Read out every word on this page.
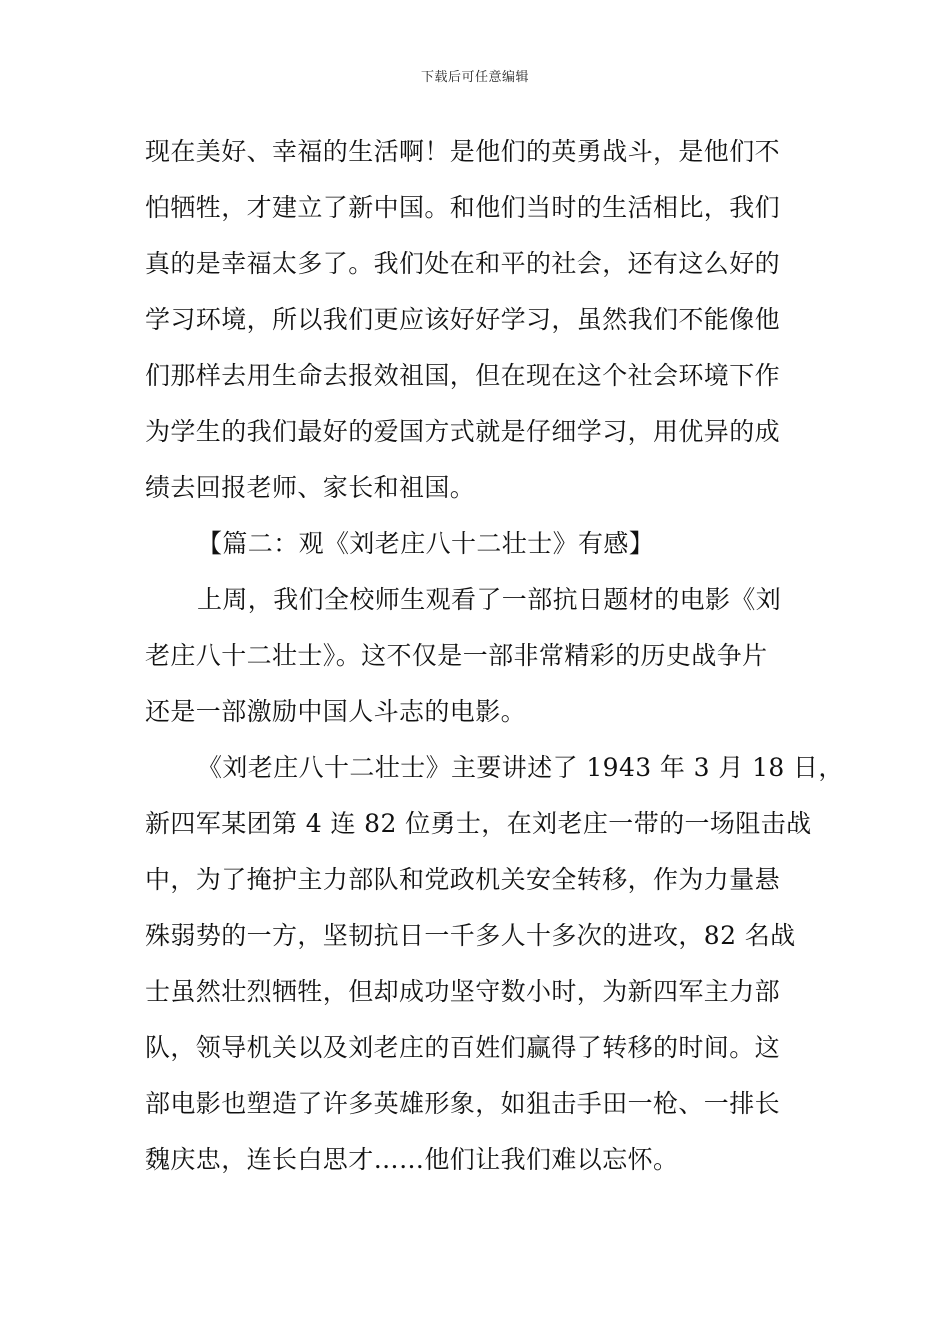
下载后可任意编辑
现在美好、幸福的生活啊！是他们的英勇战斗，是他们不
怕牺牲，才建立了新中国。和他们当时的生活相比，我们
真的是幸福太多了。我们处在和平的社会，还有这么好的
学习环境，所以我们更应该好好学习，虽然我们不能像他
们那样去用生命去报效祖国，但在现在这个社会环境下作
为学生的我们最好的爱国方式就是仔细学习，用优异的成
绩去回报老师、家长和祖国。
【篇二：观《刘老庄八十二壮士》有感】
上周，我们全校师生观看了一部抗日题材的电影《刘
老庄八十二壮士》。这不仅是一部非常精彩的历史战争片
还是一部激励中国人斗志的电影。
《刘老庄八十二壮士》主要讲述了 1943 年 3 月 18 日，
新四军某团第 4 连 82 位勇士，在刘老庄一带的一场阻击战
中，为了掩护主力部队和党政机关安全转移，作为力量悬
殊弱势的一方，坚韧抗日一千多人十多次的进攻，82 名战
士虽然壮烈牺牲，但却成功坚守数小时，为新四军主力部
队，领导机关以及刘老庄的百姓们赢得了转移的时间。这
部电影也塑造了许多英雄形象，如狙击手田一枪、一排长
魏庆忠，连长白思才……他们让我们难以忘怀。
